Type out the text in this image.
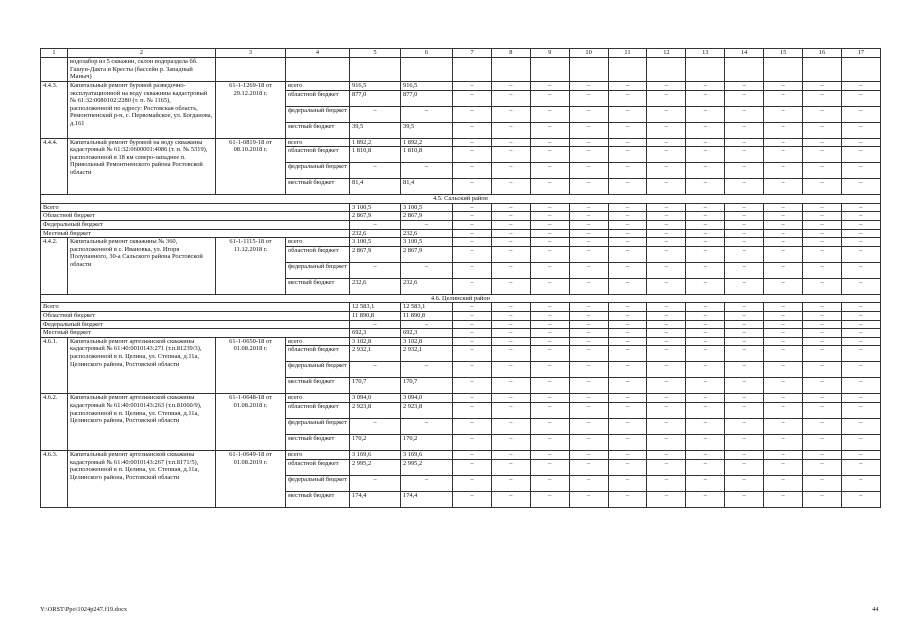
1	2	3	4	5	6	7	8	9	10	11	12	13	14	15	16	17
	водозабор из 5 скважин, склон водораздела бб. Гашун-Дакта и Кресты (бассейн р. Западный Маныч)															
4.4.3.	Капитальный ремонт буровой разведочно-эксплуатационной на воду скважины кадастровый № 61:32:0080102:2280 (т. п. № 1165), расположенной по адресу: Ростовская область, Ремонтненский р-н, с. Первомайское, ул. Богданова, д.161	61-1-1269-18 от 29.12.2018 г.	всего	916,5	916,5	–	–	–	–	–	–	–	–	–	–	–
			областной бюджет	877,0	877,0	–	–	–	–	–	–	–	–	–	–	–
			федеральный бюджет	–	–	–	–	–	–	–	–	–	–	–	–	–
			местный бюджет	39,5	39,5	–	–	–	–	–	–	–	–	–	–	–
4.4.4.	Капитальный ремонт буровой на воду скважины кадастровый № 61:32:0600001:4086 (т. п. № 5319), расположенной в 18 км северо-западнее п. Привольный Ремонтненского района Ростовской области	61-1-0819-18 от 08.10.2018 г.	всего	1 892,2	1 892,2	–	–	–	–	–	–	–	–	–	–	–
			областной бюджет	1 810,8	1 810,8	–	–	–	–	–	–	–	–	–	–	–
			федеральный бюджет	–	–	–	–	–	–	–	–	–	–	–	–	–
			местный бюджет	81,4	81,4	–	–	–	–	–	–	–	–	–	–	–
4.5. Сальский район																
Всего				3 100,5	3 100,5	–	–	–	–	–	–	–	–	–	–	–
Областной бюджет				2 867,9	2 867,9	–	–	–	–	–	–	–	–	–	–	–
Федеральный бюджет				–	–	–	–	–	–	–	–	–	–	–	–	–
Местный бюджет				232,6	232,6	–	–	–	–	–	–	–	–	–	–	–
4.4.2.	Капитальный ремонт скважины № 360, расположенной в с. Ивановка, ул. Игоря Полупанного, 30-а Сальского района Ростовской области	61-1-1115-18 от 11.12.2018 г.	всего	3 100,5	3 100,5	–	–	–	–	–	–	–	–	–	–	–
			областной бюджет	2 867,9	2 867,9	–	–	–	–	–	–	–	–	–	–	–
			федеральный бюджет	–	–	–	–	–	–	–	–	–	–	–	–	–
			местный бюджет	232,6	232,6	–	–	–	–	–	–	–	–	–	–	–
4.6. Целинский район																
Всего				12 583,1	12 583,1	–	–	–	–	–	–	–	–	–	–	–
Областной бюджет				11 890,8	11 890,8	–	–	–	–	–	–	–	–	–	–	–
Федеральный бюджет				–	–	–	–	–	–	–	–	–	–	–	–	–
Местный бюджет				692,3	692,3	–	–	–	–	–	–	–	–	–	–	–
4.6.1.	Капитальный ремонт артезианской скважины кадастровый № 61:40:0010143:271 (т.п.81239/3), расположенной в п. Целина, ул. Степная, д.11а, Целинского района, Ростовской области	61-1-0650-18 от 01.08.2018 г.	всего	3 102,8	3 102,8	–	–	–	–	–	–	–	–	–	–	–
			областной бюджет	2 932,1	2 932,1	–	–	–	–	–	–	–	–	–	–	–
			федеральный бюджет	–	–	–	–	–	–	–	–	–	–	–	–	–
			местный бюджет	170,7	170,7	–	–	–	–	–	–	–	–	–	–	–
4.6.2.	Капитальный ремонт артезианской скважины кадастровый № 61:40:0010143:263 (т.п.81060/9), расположенной в п. Целина, ул. Степная, д.11а, Целинского района, Ростовской области	61-1-0648-18 от 01.08.2018 г.	всего	3 094,0	3 094,0	–	–	–	–	–	–	–	–	–	–	–
			областной бюджет	2 923,8	2 923,8	–	–	–	–	–	–	–	–	–	–	–
			федеральный бюджет	–	–	–	–	–	–	–	–	–	–	–	–	–
			местный бюджет	170,2	170,2	–	–	–	–	–	–	–	–	–	–	–
4.6.3.	Капитальный ремонт артезианской скважины кадастровый № 61:40:0010143:267 (т.п.8171/5), расположенной в п. Целина, ул. Степная, д.11а, Целинского района, Ростовской области	61-1-0649-18 от 01.08.2019 г.	всего	3 169,6	3 169,6	–	–	–	–	–	–	–	–	–	–	–
			областной бюджет	2 995,2	2 995,2	–	–	–	–	–	–	–	–	–	–	–
			федеральный бюджет	–	–	–	–	–	–	–	–	–	–	–	–	–
			местный бюджет	174,4	174,4	–	–	–	–	–	–	–	–	–	–	–
Y:\ORST\Ppo\1024p247.f19.docx	44
